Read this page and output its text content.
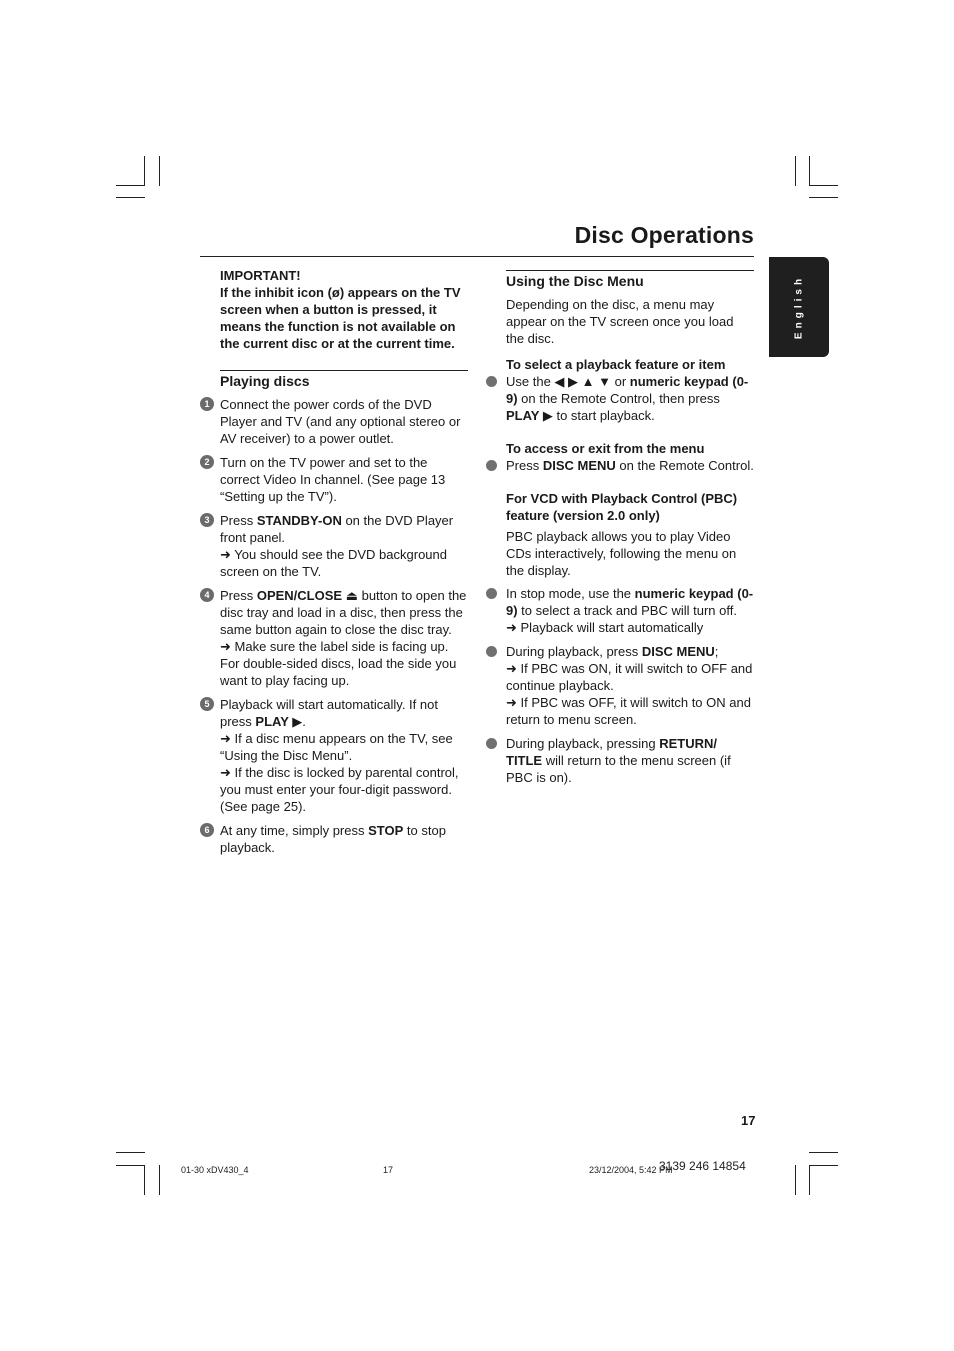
Disc Operations
English
IMPORTANT!
If the inhibit icon (ø) appears on the TV screen when a button is pressed, it means the function is not available on the current disc or at the current time.
Playing discs
1 Connect the power cords of the DVD Player and TV (and any optional stereo or AV receiver) to a power outlet.
2 Turn on the TV power and set to the correct Video In channel. (See page 13 “Setting up the TV”).
3 Press STANDBY-ON on the DVD Player front panel.
➜ You should see the DVD background screen on the TV.
4 Press OPEN/CLOSE ⏏ button to open the disc tray and load in a disc, then press the same button again to close the disc tray.
➜ Make sure the label side is facing up. For double-sided discs, load the side you want to play facing up.
5 Playback will start automatically. If not press PLAY ▶.
➜ If a disc menu appears on the TV, see “Using the Disc Menu”.
➜ If the disc is locked by parental control, you must enter your four-digit password. (See page 25).
6 At any time, simply press STOP to stop playback.
Using the Disc Menu
Depending on the disc, a menu may appear on the TV screen once you load the disc.
To select a playback feature or item
Use the ◀ ▶ ▲ ▼ or numeric keypad (0-9) on the Remote Control, then press PLAY ▶ to start playback.
To access or exit from the menu
Press DISC MENU on the Remote Control.
For VCD with Playback Control (PBC) feature (version 2.0 only)
PBC playback allows you to play Video CDs interactively, following the menu on the display.
In stop mode, use the numeric keypad (0-9) to select a track and PBC will turn off.
➜ Playback will start automatically
During playback, press DISC MENU;
➜ If PBC was ON, it will switch to OFF and continue playback.
➜ If PBC was OFF, it will switch to ON and return to menu screen.
During playback, pressing RETURN/ TITLE will return to the menu screen (if PBC is on).
17
01-30 xDV430_4	17	23/12/2004, 5:42 PM
3139 246 14854
